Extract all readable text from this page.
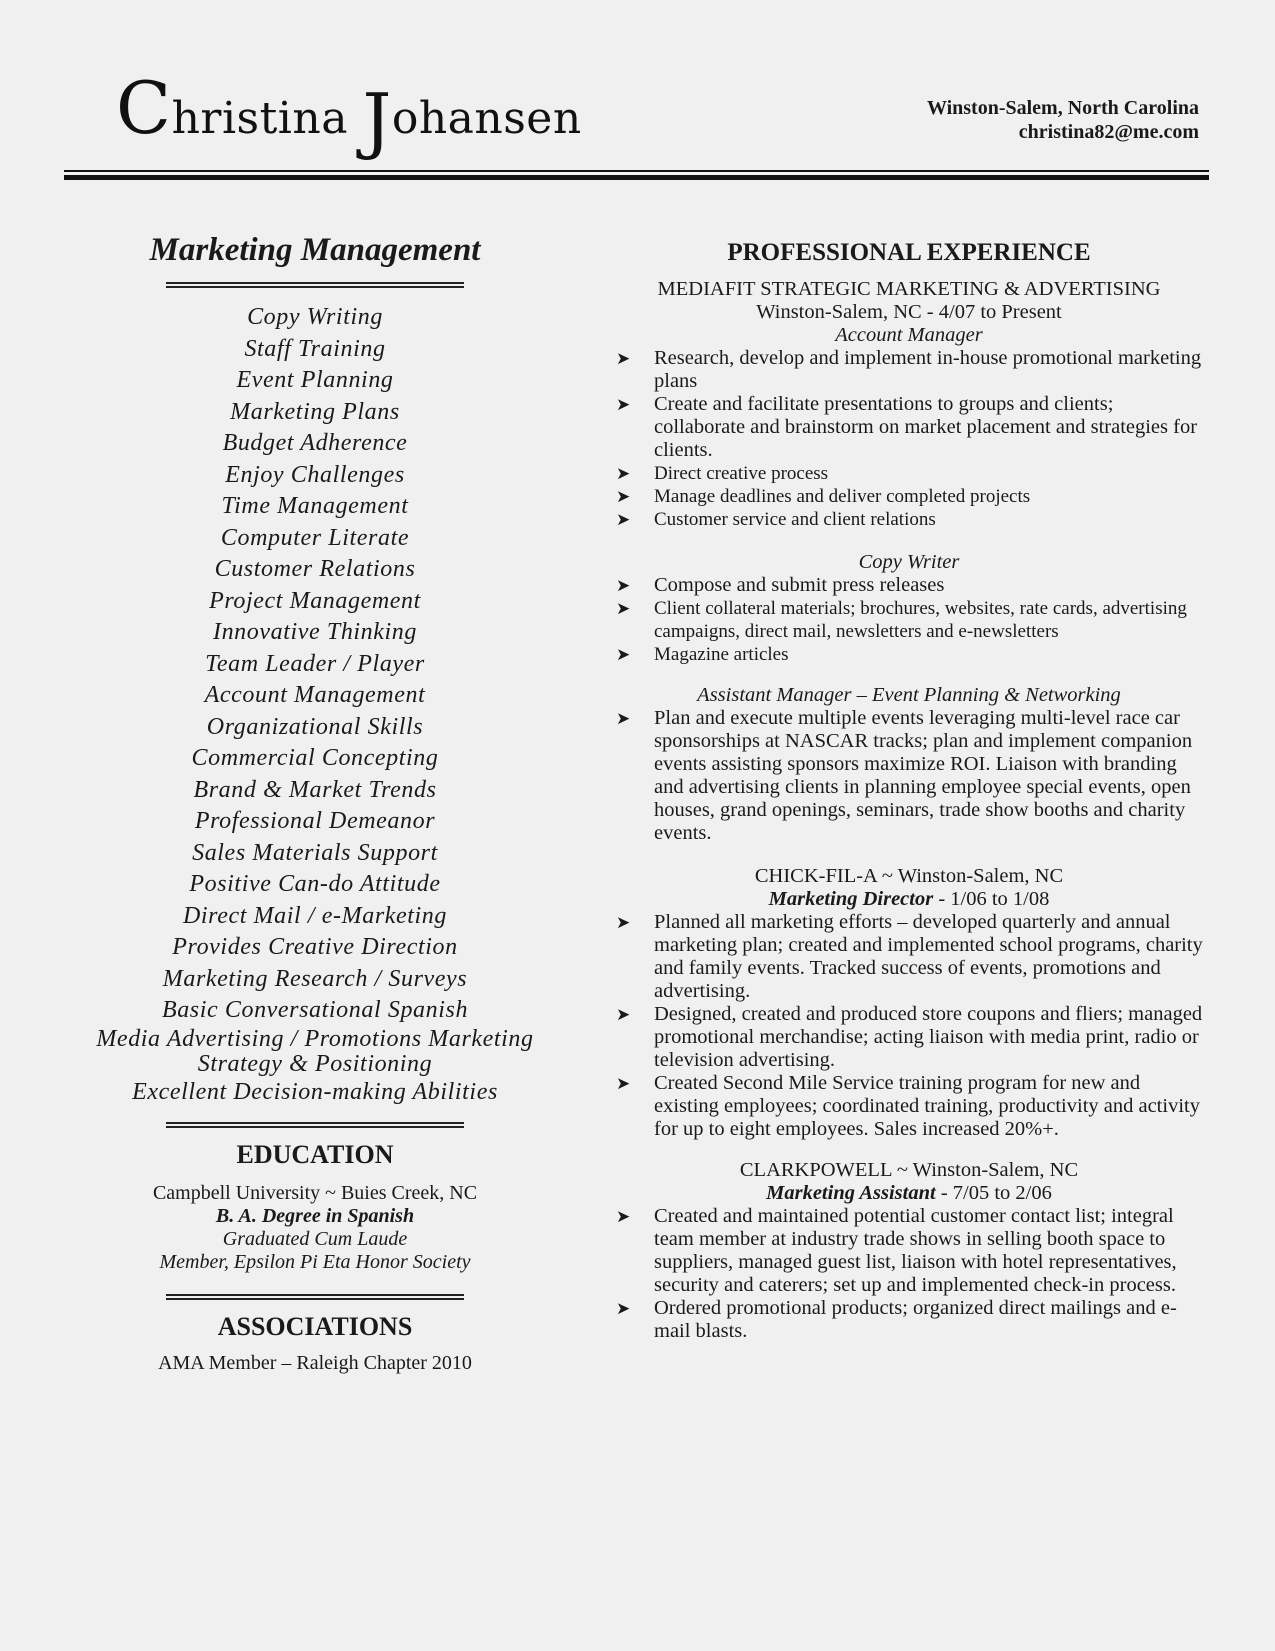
Christina Johansen	Winston-Salem, North Carolina
christina82@me.com
Marketing Management
Copy Writing
Staff Training
Event Planning
Marketing Plans
Budget Adherence
Enjoy Challenges
Time Management
Computer Literate
Customer Relations
Project Management
Innovative Thinking
Team Leader / Player
Account Management
Organizational Skills
Commercial Concepting
Brand & Market Trends
Professional Demeanor
Sales Materials Support
Positive Can-do Attitude
Direct Mail / e-Marketing
Provides Creative Direction
Marketing Research / Surveys
Basic Conversational Spanish
Media Advertising / Promotions Marketing
Strategy & Positioning
Excellent Decision-making Abilities
EDUCATION
Campbell University ~ Buies Creek, NC
B. A. Degree in Spanish
Graduated Cum Laude
Member, Epsilon Pi Eta Honor Society
ASSOCIATIONS
AMA Member – Raleigh Chapter 2010
PROFESSIONAL EXPERIENCE
MEDIAFIT STRATEGIC MARKETING & ADVERTISING
Winston-Salem, NC - 4/07 to Present
Account Manager
➤ Research, develop and implement in-house promotional marketing plans
➤ Create and facilitate presentations to groups and clients; collaborate and brainstorm on market placement and strategies for clients.
➤ Direct creative process
➤ Manage deadlines and deliver completed projects
➤ Customer service and client relations
Copy Writer
➤ Compose and submit press releases
➤ Client collateral materials; brochures, websites, rate cards, advertising campaigns, direct mail, newsletters and e-newsletters
➤ Magazine articles
Assistant Manager – Event Planning & Networking
➤ Plan and execute multiple events leveraging multi-level race car sponsorships at NASCAR tracks; plan and implement companion events assisting sponsors maximize ROI. Liaison with branding and advertising clients in planning employee special events, open houses, grand openings, seminars, trade show booths and charity events.
CHICK-FIL-A ~ Winston-Salem, NC
Marketing Director - 1/06 to 1/08
➤ Planned all marketing efforts – developed quarterly and annual marketing plan; created and implemented school programs, charity and family events. Tracked success of events, promotions and advertising.
➤ Designed, created and produced store coupons and fliers; managed promotional merchandise; acting liaison with media print, radio or television advertising.
➤ Created Second Mile Service training program for new and existing employees; coordinated training, productivity and activity for up to eight employees. Sales increased 20%+.
CLARKPOWELL ~ Winston-Salem, NC
Marketing Assistant - 7/05 to 2/06
➤ Created and maintained potential customer contact list; integral team member at industry trade shows in selling booth space to suppliers, managed guest list, liaison with hotel representatives, security and caterers; set up and implemented check-in process.
➤ Ordered promotional products; organized direct mailings and e-mail blasts.
